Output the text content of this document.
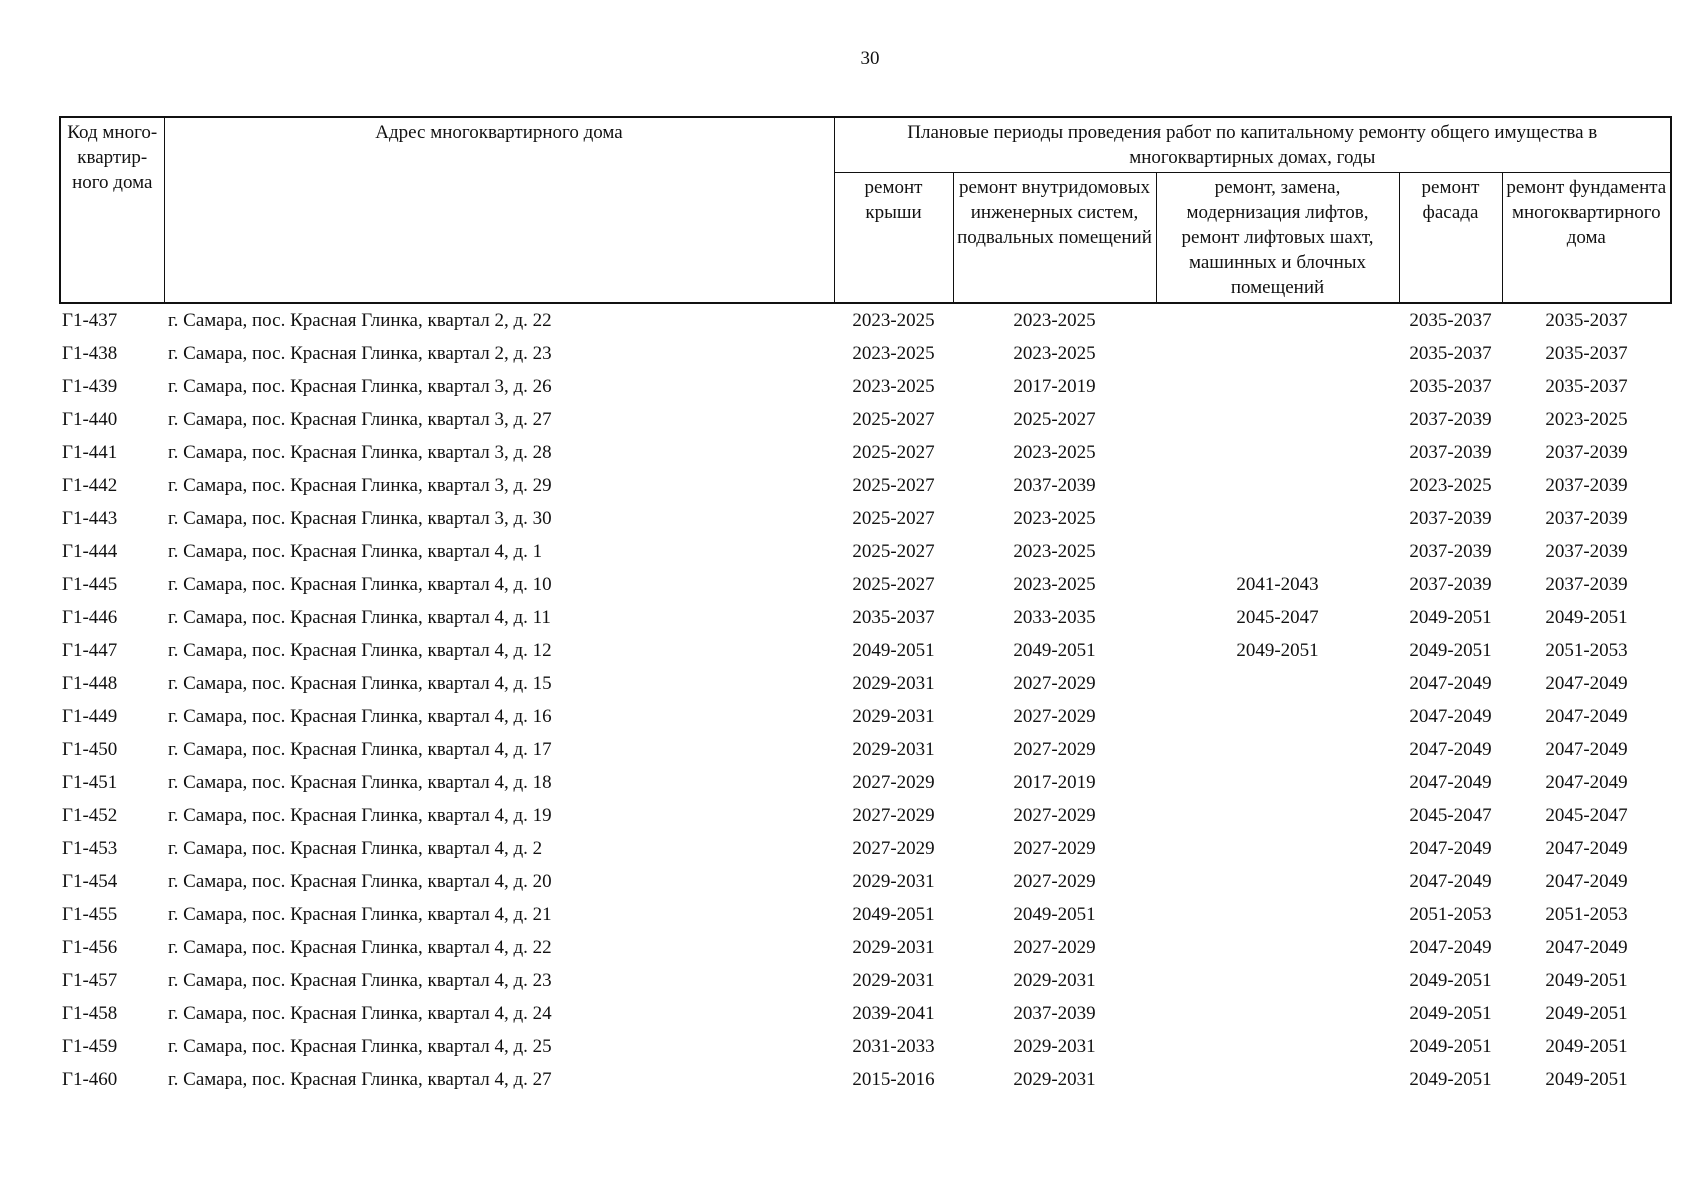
30
Код много-квартир-ного дома	Адрес многоквартирного дома	Плановые периоды проведения работ по капитальному ремонту общего имущества в многоквартирных домах, годы				

		ремонт крыши	ремонт внутридомовых инженерных систем, подвальных помещений	ремонт, замена, модернизация лифтов, ремонт лифтовых шахт, машинных и блочных помещений	ремонт фасада	ремонт фундамента многоквартирного дома
Г1-437	г. Самара, пос. Красная Глинка, квартал 2, д. 22	2023-2025	2023-2025		2035-2037	2035-2037
Г1-438	г. Самара, пос. Красная Глинка, квартал 2, д. 23	2023-2025	2023-2025		2035-2037	2035-2037
Г1-439	г. Самара, пос. Красная Глинка, квартал 3, д. 26	2023-2025	2017-2019		2035-2037	2035-2037
Г1-440	г. Самара, пос. Красная Глинка, квартал 3, д. 27	2025-2027	2025-2027		2037-2039	2023-2025
Г1-441	г. Самара, пос. Красная Глинка, квартал 3, д. 28	2025-2027	2023-2025		2037-2039	2037-2039
Г1-442	г. Самара, пос. Красная Глинка, квартал 3, д. 29	2025-2027	2037-2039		2023-2025	2037-2039
Г1-443	г. Самара, пос. Красная Глинка, квартал 3, д. 30	2025-2027	2023-2025		2037-2039	2037-2039
Г1-444	г. Самара, пос. Красная Глинка, квартал 4, д. 1	2025-2027	2023-2025		2037-2039	2037-2039
Г1-445	г. Самара, пос. Красная Глинка, квартал 4, д. 10	2025-2027	2023-2025	2041-2043	2037-2039	2037-2039
Г1-446	г. Самара, пос. Красная Глинка, квартал 4, д. 11	2035-2037	2033-2035	2045-2047	2049-2051	2049-2051
Г1-447	г. Самара, пос. Красная Глинка, квартал 4, д. 12	2049-2051	2049-2051	2049-2051	2049-2051	2051-2053
Г1-448	г. Самара, пос. Красная Глинка, квартал 4, д. 15	2029-2031	2027-2029		2047-2049	2047-2049
Г1-449	г. Самара, пос. Красная Глинка, квартал 4, д. 16	2029-2031	2027-2029		2047-2049	2047-2049
Г1-450	г. Самара, пос. Красная Глинка, квартал 4, д. 17	2029-2031	2027-2029		2047-2049	2047-2049
Г1-451	г. Самара, пос. Красная Глинка, квартал 4, д. 18	2027-2029	2017-2019		2047-2049	2047-2049
Г1-452	г. Самара, пос. Красная Глинка, квартал 4, д. 19	2027-2029	2027-2029		2045-2047	2045-2047
Г1-453	г. Самара, пос. Красная Глинка, квартал 4, д. 2	2027-2029	2027-2029		2047-2049	2047-2049
Г1-454	г. Самара, пос. Красная Глинка, квартал 4, д. 20	2029-2031	2027-2029		2047-2049	2047-2049
Г1-455	г. Самара, пос. Красная Глинка, квартал 4, д. 21	2049-2051	2049-2051		2051-2053	2051-2053
Г1-456	г. Самара, пос. Красная Глинка, квартал 4, д. 22	2029-2031	2027-2029		2047-2049	2047-2049
Г1-457	г. Самара, пос. Красная Глинка, квартал 4, д. 23	2029-2031	2029-2031		2049-2051	2049-2051
Г1-458	г. Самара, пос. Красная Глинка, квартал 4, д. 24	2039-2041	2037-2039		2049-2051	2049-2051
Г1-459	г. Самара, пос. Красная Глинка, квартал 4, д. 25	2031-2033	2029-2031		2049-2051	2049-2051
Г1-460	г. Самара, пос. Красная Глинка, квартал 4, д. 27	2015-2016	2029-2031		2049-2051	2049-2051
